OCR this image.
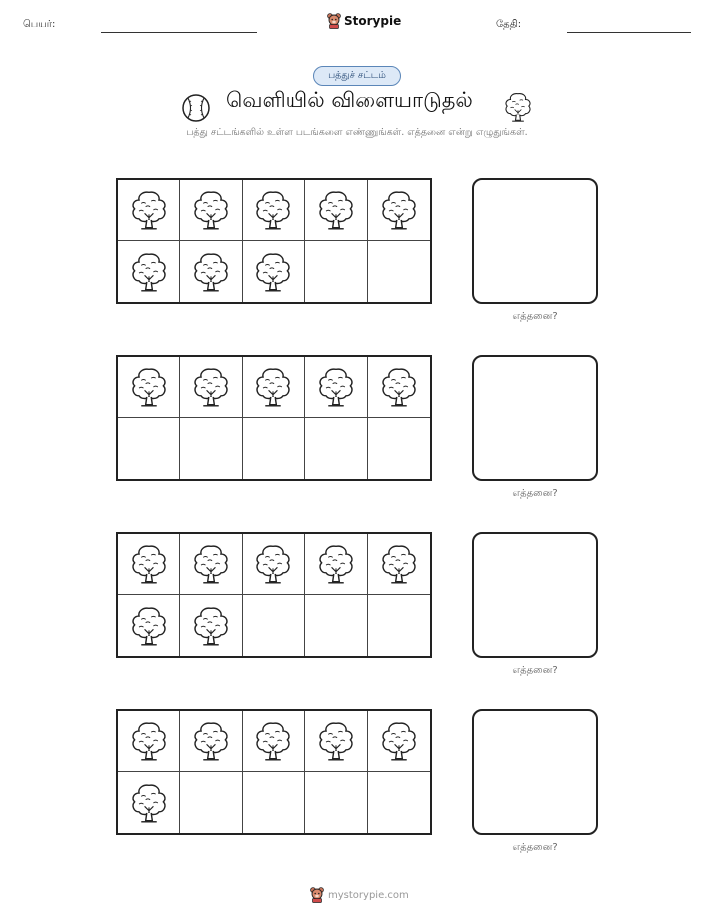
பெயர்:	Storypie	தேதி:
பத்துச் சட்டம்
வெளியில் விளையாடுதல்
பத்து சட்டங்களில் உள்ள படங்களை எண்ணுங்கள். எத்தனை என்று எழுதுங்கள்.
எத்தனை?
எத்தனை?
எத்தனை?
எத்தனை?
mystorypie.com
